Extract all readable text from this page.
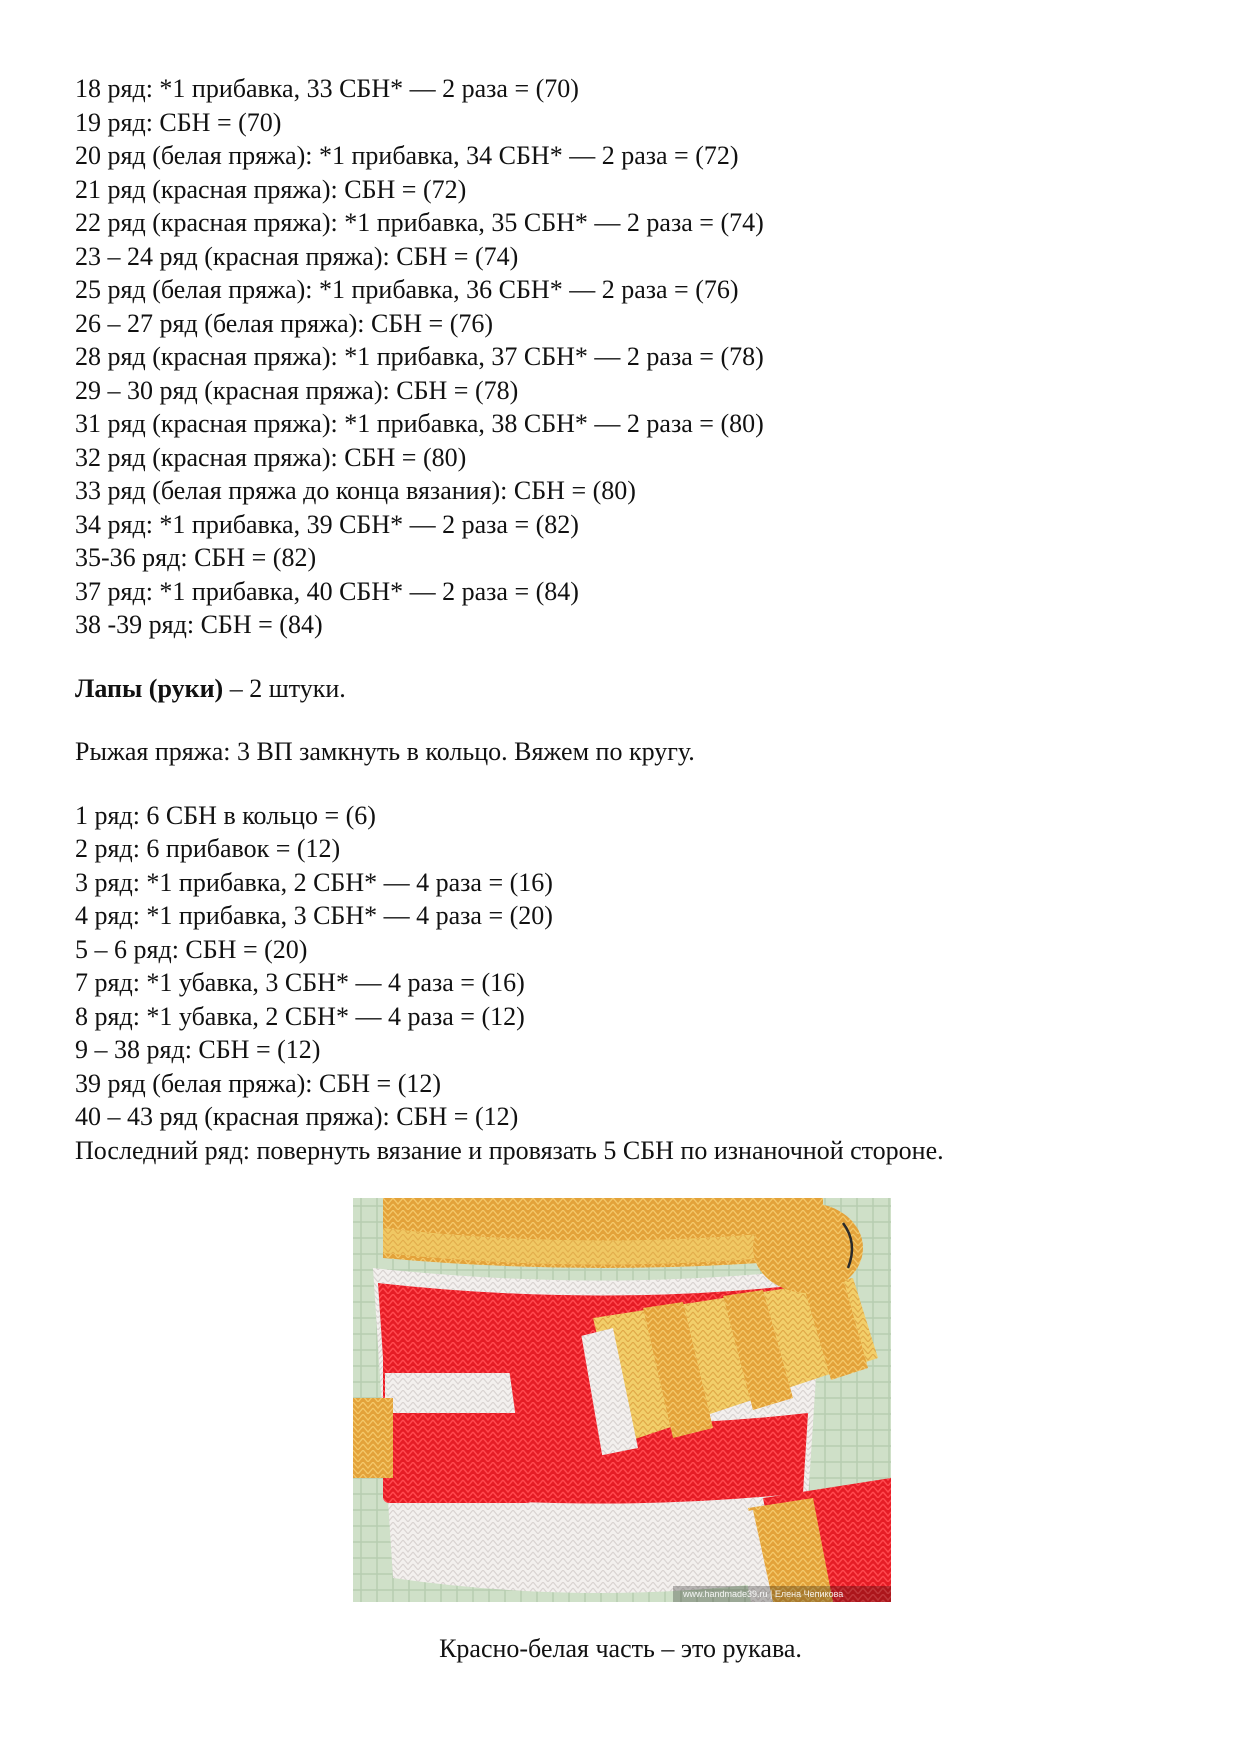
18 ряд: *1 прибавка, 33 СБН* — 2 раза = (70)
19 ряд: СБН = (70)
20 ряд (белая пряжа): *1 прибавка, 34 СБН* — 2 раза = (72)
21 ряд (красная пряжа): СБН = (72)
22 ряд (красная пряжа): *1 прибавка, 35 СБН* — 2 раза = (74)
23 – 24 ряд (красная пряжа): СБН = (74)
25 ряд (белая пряжа): *1 прибавка, 36 СБН* — 2 раза = (76)
26 – 27 ряд (белая пряжа): СБН = (76)
28 ряд (красная пряжа): *1 прибавка, 37 СБН* — 2 раза = (78)
29 – 30 ряд (красная пряжа): СБН = (78)
31 ряд (красная пряжа): *1 прибавка, 38 СБН* — 2 раза = (80)
32 ряд (красная пряжа): СБН = (80)
33 ряд (белая пряжа до конца вязания): СБН = (80)
34 ряд: *1 прибавка, 39 СБН* — 2 раза = (82)
35-36 ряд: СБН = (82)
37 ряд: *1 прибавка, 40 СБН* — 2 раза = (84)
38 -39 ряд: СБН = (84)
Лапы (руки) – 2 штуки.
Рыжая пряжа: 3 ВП замкнуть в кольцо. Вяжем по кругу.
1 ряд: 6 СБН в кольцо = (6)
2 ряд: 6 прибавок = (12)
3 ряд: *1 прибавка, 2 СБН* — 4 раза = (16)
4 ряд: *1 прибавка, 3 СБН* — 4 раза = (20)
5 – 6 ряд: СБН = (20)
7 ряд: *1 убавка, 3 СБН* — 4 раза = (16)
8 ряд: *1 убавка, 2 СБН* — 4 раза = (12)
9 – 38 ряд: СБН = (12)
39 ряд (белая пряжа): СБН = (12)
40 – 43 ряд (красная пряжа): СБН = (12)
Последний ряд: повернуть вязание и провязать 5 СБН по изнаночной стороне.
www.handmade39.ru | Елена Чепикова
Красно-белая часть – это рукава.
